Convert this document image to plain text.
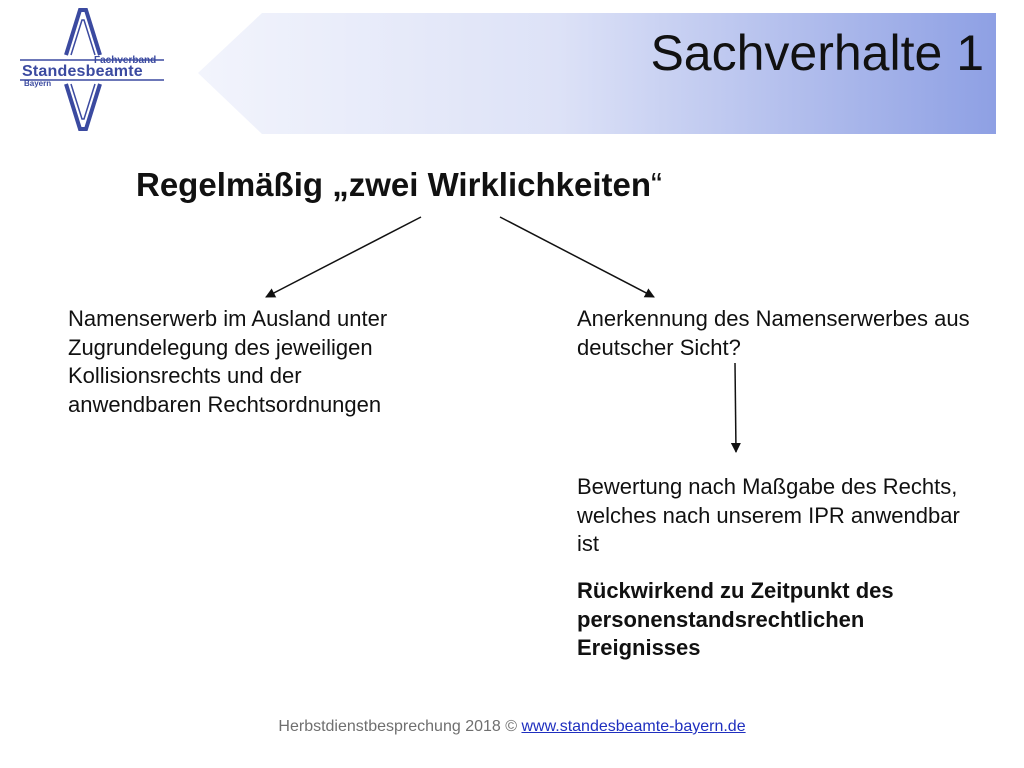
Fachverband
Standesbeamte
Bayern
Sachverhalte 1
Regelmäßig „zwei Wirklichkeiten“

Namenserwerb im Ausland unter Zugrundelegung des jeweiligen Kollisionsrechts und der anwendbaren Rechtsordnungen

Anerkennung des Namenserwerbes aus deutscher Sicht?

Bewertung nach Maßgabe des Rechts, welches nach unserem IPR anwendbar ist

Rückwirkend zu Zeitpunkt des personenstandsrechtlichen Ereignisses

Herbstdienstbesprechung 2018 © www.standesbeamte-bayern.de
